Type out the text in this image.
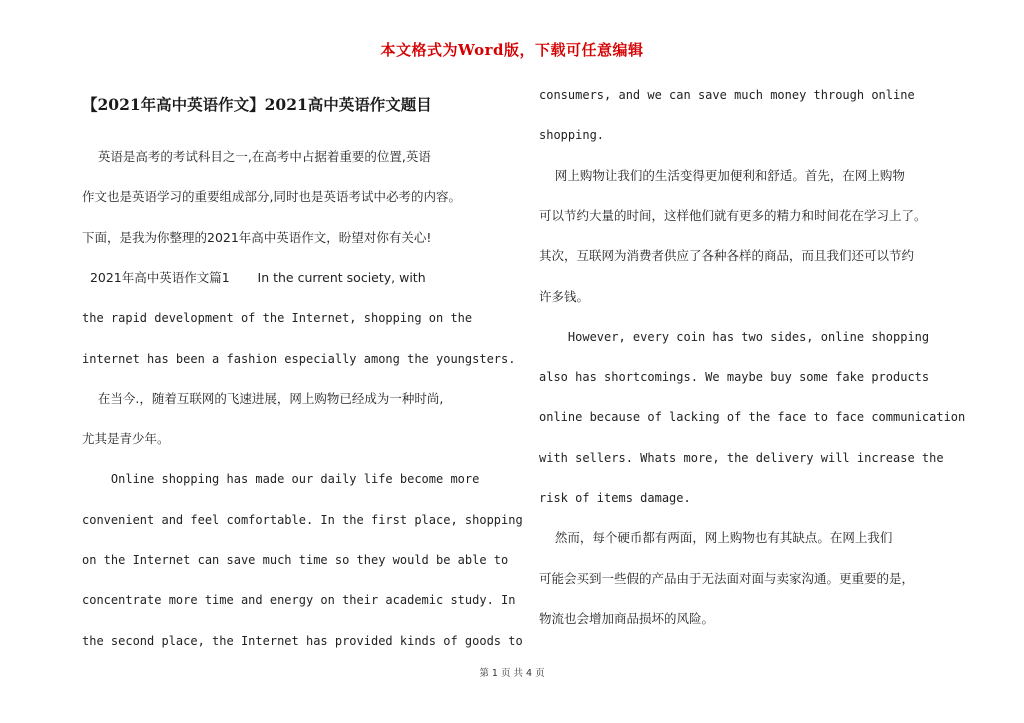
本文格式为Word版，下载可任意编辑
【2021年高中英语作文】2021高中英语作文题目
英语是高考的考试科目之一,在高考中占据着重要的位置,英语
作文也是英语学习的重要组成部分,同时也是英语考试中必考的内容。
下面，是我为你整理的2021年高中英语作文，盼望对你有关心!
2021年高中英语作文篇1       In the current society, with
the rapid development of the Internet, shopping on the
internet has been a fashion especially among the youngsters.
在当今.，随着互联网的飞速进展，网上购物已经成为一种时尚,
尤其是青少年。
Online shopping has made our daily life become more
convenient and feel comfortable. In the first place, shopping
on the Internet can save much time so they would be able to
concentrate more time and energy on their academic study. In
the second place, the Internet has provided kinds of goods to
consumers, and we can save much money through online
shopping.
网上购物让我们的生活变得更加便利和舒适。首先，在网上购物
可以节约大量的时间，这样他们就有更多的精力和时间花在学习上了。
其次，互联网为消费者供应了各种各样的商品，而且我们还可以节约
许多钱。
However, every coin has two sides, online shopping
also has shortcomings. We maybe buy some fake products
online because of lacking of the face to face communication
with sellers. Whats more, the delivery will increase the
risk of items damage.
然而，每个硬币都有两面，网上购物也有其缺点。在网上我们
可能会买到一些假的产品由于无法面对面与卖家沟通。更重要的是，
物流也会增加商品损坏的风险。
第 1 页 共 4 页
